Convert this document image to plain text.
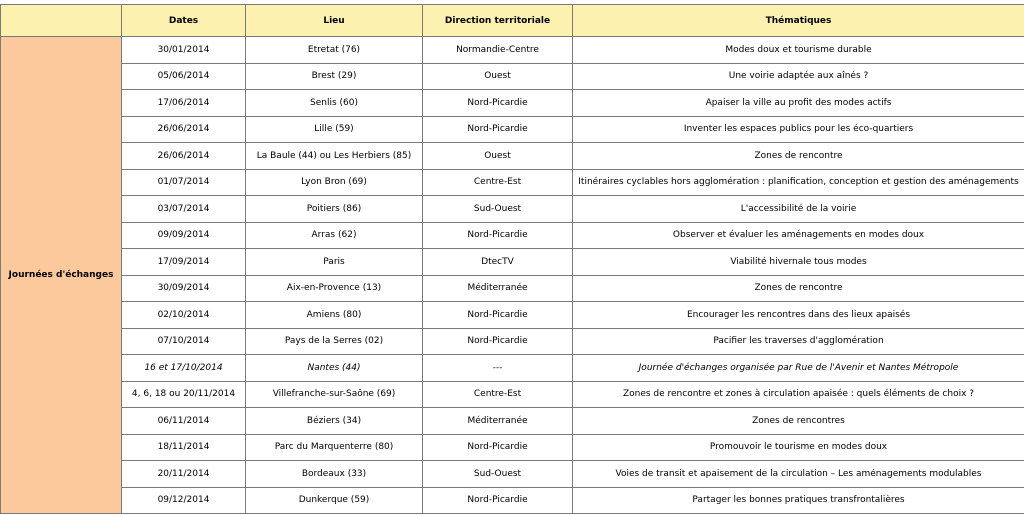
	Dates	Lieu	Direction territoriale	Thématiques
Journées d'échanges	30/01/2014	Etretat (76)	Normandie-Centre	Modes doux et tourisme durable
	05/06/2014	Brest (29)	Ouest	Une voirie adaptée aux aînés ?
	17/06/2014	Senlis (60)	Nord-Picardie	Apaiser la ville au profit des modes actifs
	26/06/2014	Lille (59)	Nord-Picardie	Inventer les espaces publics pour les éco-quartiers
	26/06/2014	La Baule (44) ou Les Herbiers (85)	Ouest	Zones de rencontre
	01/07/2014	Lyon Bron (69)	Centre-Est	Itinéraires cyclables hors agglomération : planification, conception et gestion des aménagements
	03/07/2014	Poitiers (86)	Sud-Ouest	L'accessibilité de la voirie
	09/09/2014	Arras (62)	Nord-Picardie	Observer et évaluer les aménagements en modes doux
	17/09/2014	Paris	DtecTV	Viabilité hivernale tous modes
	30/09/2014	Aix-en-Provence (13)	Méditerranée	Zones de rencontre
	02/10/2014	Amiens (80)	Nord-Picardie	Encourager les rencontres dans des lieux apaisés
	07/10/2014	Pays de la Serres (02)	Nord-Picardie	Pacifier les traverses d'agglomération
	16 et 17/10/2014	Nantes (44)	---	Journée d'échanges organisée par Rue de l'Avenir et Nantes Métropole
	4, 6, 18 ou 20/11/2014	Villefranche-sur-Saône (69)	Centre-Est	Zones de rencontre et zones à circulation apaisée : quels éléments de choix ?
	06/11/2014	Béziers (34)	Méditerranée	Zones de rencontres
	18/11/2014	Parc du Marquenterre (80)	Nord-Picardie	Promouvoir le tourisme en modes doux
	20/11/2014	Bordeaux (33)	Sud-Ouest	Voies de transit et apaisement de la circulation – Les aménagements modulables
	09/12/2014	Dunkerque (59)	Nord-Picardie	Partager les bonnes pratiques transfrontalières
